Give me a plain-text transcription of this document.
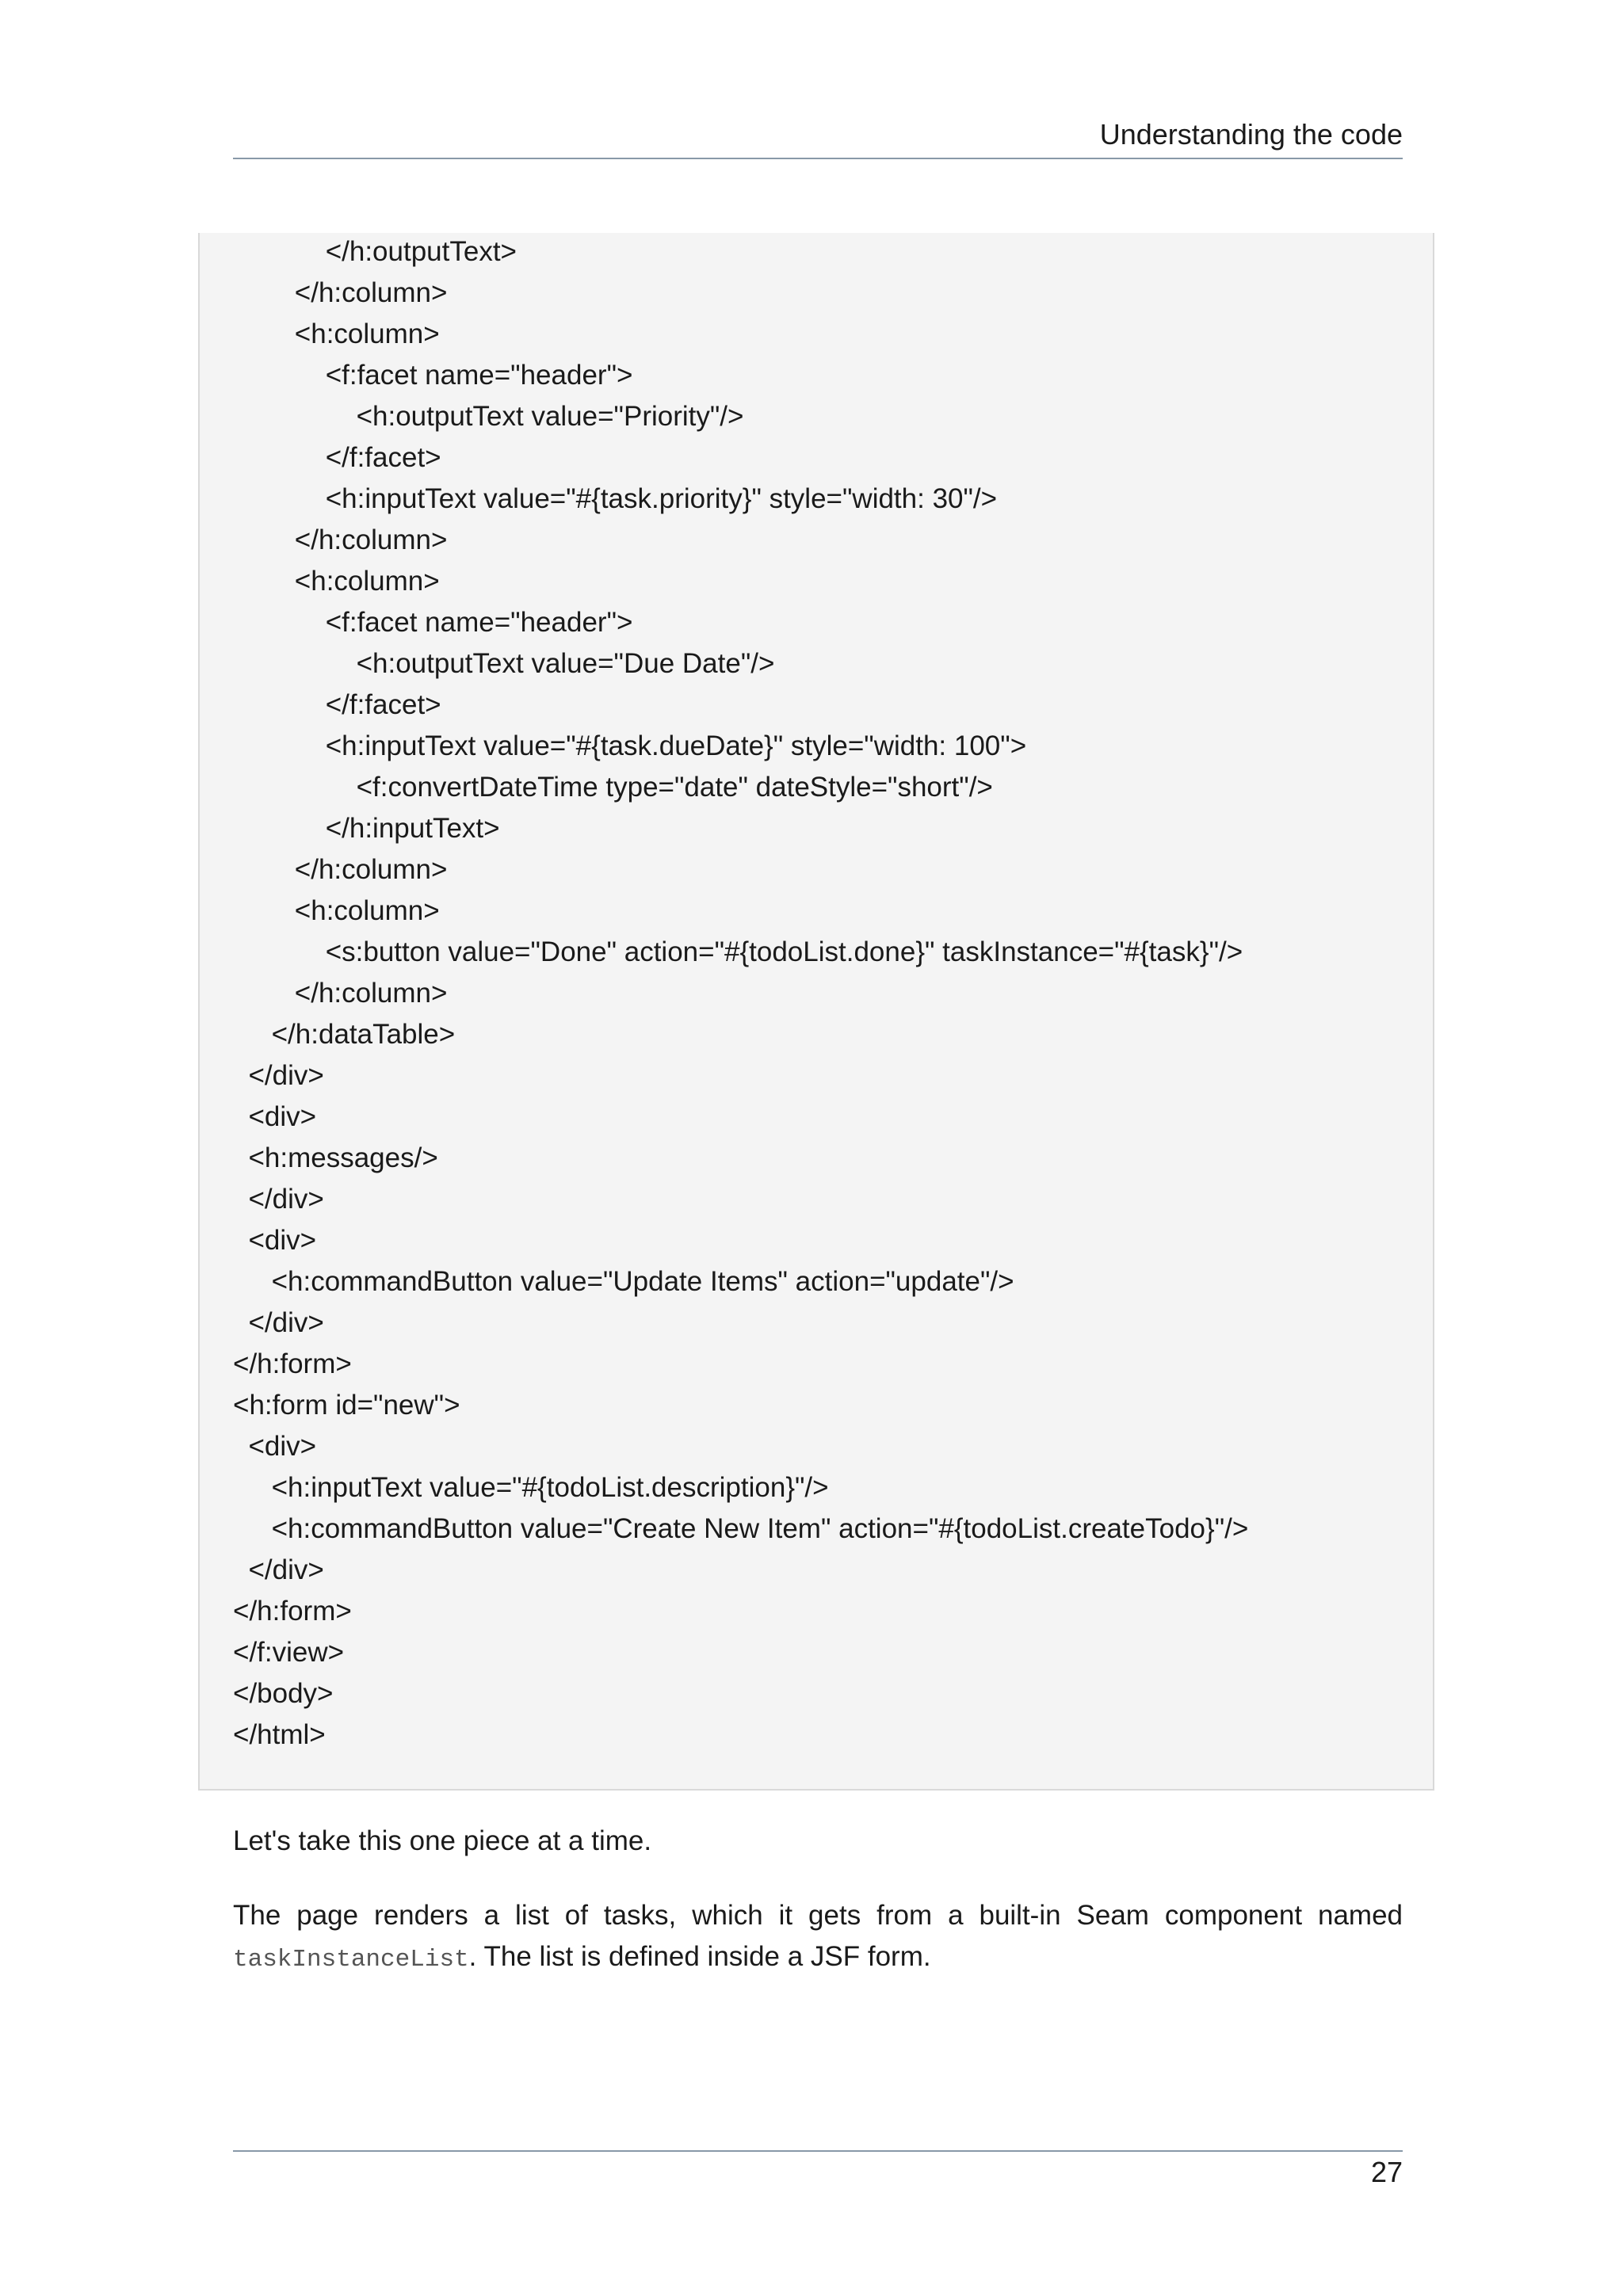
Understanding the code
</h:outputText>
</h:column>
<h:column>
<f:facet name="header">
<h:outputText value="Priority"/>
</f:facet>
<h:inputText value="#{task.priority}" style="width: 30"/>
</h:column>
<h:column>
<f:facet name="header">
<h:outputText value="Due Date"/>
</f:facet>
<h:inputText value="#{task.dueDate}" style="width: 100">
<f:convertDateTime type="date" dateStyle="short"/>
</h:inputText>
</h:column>
<h:column>
<s:button value="Done" action="#{todoList.done}" taskInstance="#{task}"/>
</h:column>
</h:dataTable>
</div>
<div>
<h:messages/>
</div>
<div>
<h:commandButton value="Update Items" action="update"/>
</div>
</h:form>
<h:form id="new">
<div>
<h:inputText value="#{todoList.description}"/>
<h:commandButton value="Create New Item" action="#{todoList.createTodo}"/>
</div>
</h:form>
</f:view>
</body>
</html>
Let's take this one piece at a time.
The page renders a list of tasks, which it gets from a built-in Seam component named
taskInstanceList. The list is defined inside a JSF form.
27
